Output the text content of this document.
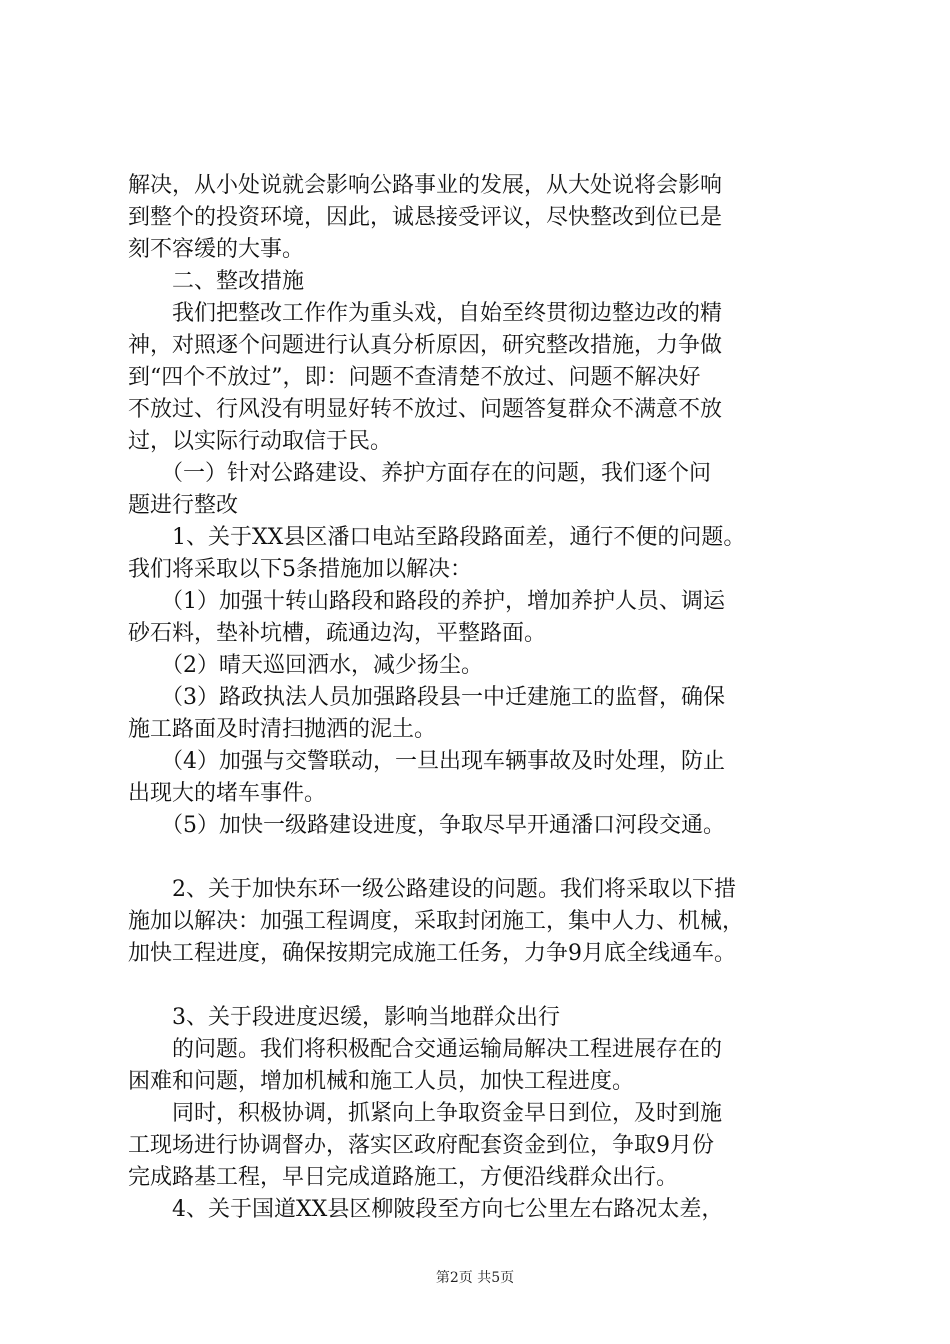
解决，从小处说就会影响公路事业的发展，从大处说将会影响
到整个的投资环境，因此，诚恳接受评议，尽快整改到位已是
刻不容缓的大事。
　　二、整改措施
　　我们把整改工作作为重头戏，自始至终贯彻边整边改的精
神，对照逐个问题进行认真分析原因，研究整改措施，力争做
到“四个不放过”，即：问题不查清楚不放过、问题不解决好
不放过、行风没有明显好转不放过、问题答复群众不满意不放
过，以实际行动取信于民。
　　（一）针对公路建设、养护方面存在的问题，我们逐个问
题进行整改
　　1、关于XX县区潘口电站至路段路面差，通行不便的问题。
我们将采取以下5条措施加以解决：
　　（1）加强十转山路段和路段的养护，增加养护人员、调运
砂石料，垫补坑槽，疏通边沟，平整路面。
　　（2）晴天巡回洒水，减少扬尘。
　　（3）路政执法人员加强路段县一中迁建施工的监督，确保
施工路面及时清扫抛洒的泥土。
　　（4）加强与交警联动，一旦出现车辆事故及时处理，防止
出现大的堵车事件。
　　（5）加快一级路建设进度，争取尽早开通潘口河段交通。
　　2、关于加快东环一级公路建设的问题。我们将采取以下措
施加以解决：加强工程调度，采取封闭施工，集中人力、机械，
加快工程进度，确保按期完成施工任务，力争9月底全线通车。
　　3、关于段进度迟缓，影响当地群众出行
　　的问题。我们将积极配合交通运输局解决工程进展存在的
困难和问题，增加机械和施工人员，加快工程进度。
　　同时，积极协调，抓紧向上争取资金早日到位，及时到施
工现场进行协调督办，落实区政府配套资金到位，争取9月份
完成路基工程，早日完成道路施工，方便沿线群众出行。
　　4、关于国道XX县区柳陂段至方向七公里左右路况太差，
第2页 共5页
